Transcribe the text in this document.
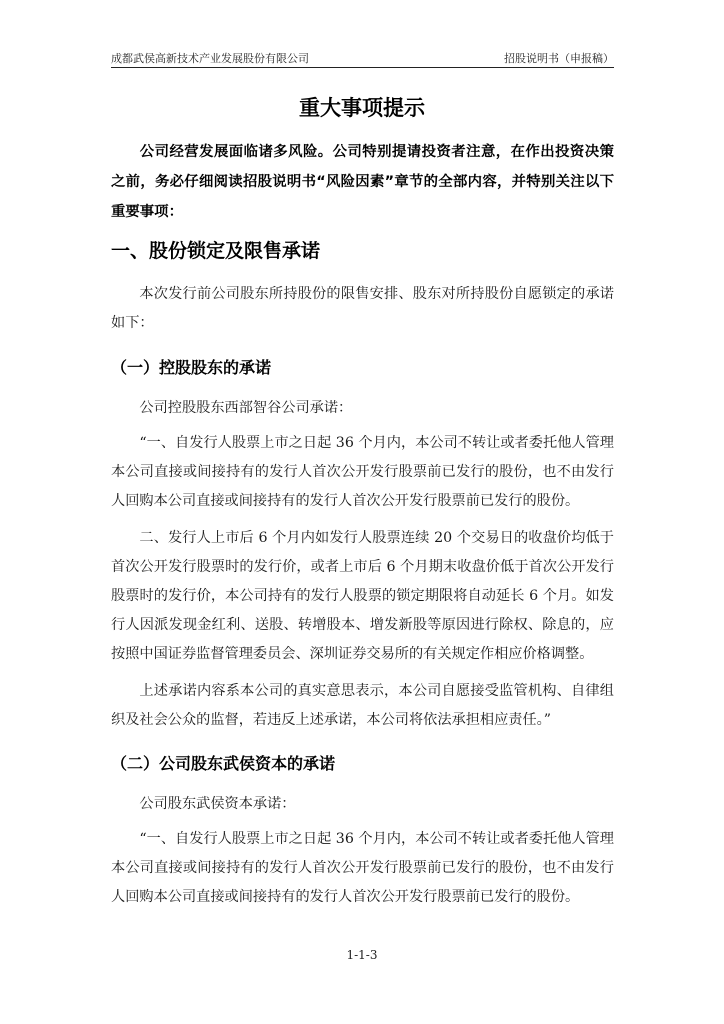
成都武侯高新技术产业发展股份有限公司	招股说明书（申报稿）
重大事项提示
公司经营发展面临诸多风险。公司特别提请投资者注意，在作出投资决策之前，务必仔细阅读招股说明书“风险因素”章节的全部内容，并特别关注以下重要事项：
一、股份锁定及限售承诺
本次发行前公司股东所持股份的限售安排、股东对所持股份自愿锁定的承诺如下：
（一）控股股东的承诺
公司控股股东西部智谷公司承诺：
“一、自发行人股票上市之日起 36 个月内，本公司不转让或者委托他人管理本公司直接或间接持有的发行人首次公开发行股票前已发行的股份，也不由发行人回购本公司直接或间接持有的发行人首次公开发行股票前已发行的股份。
二、发行人上市后 6 个月内如发行人股票连续 20 个交易日的收盘价均低于首次公开发行股票时的发行价，或者上市后 6 个月期末收盘价低于首次公开发行股票时的发行价，本公司持有的发行人股票的锁定期限将自动延长 6 个月。如发行人因派发现金红利、送股、转增股本、增发新股等原因进行除权、除息的，应按照中国证券监督管理委员会、深圳证券交易所的有关规定作相应价格调整。
上述承诺内容系本公司的真实意思表示，本公司自愿接受监管机构、自律组织及社会公众的监督，若违反上述承诺，本公司将依法承担相应责任。”
（二）公司股东武侯资本的承诺
公司股东武侯资本承诺：
“一、自发行人股票上市之日起 36 个月内，本公司不转让或者委托他人管理本公司直接或间接持有的发行人首次公开发行股票前已发行的股份，也不由发行人回购本公司直接或间接持有的发行人首次公开发行股票前已发行的股份。
1-1-3
